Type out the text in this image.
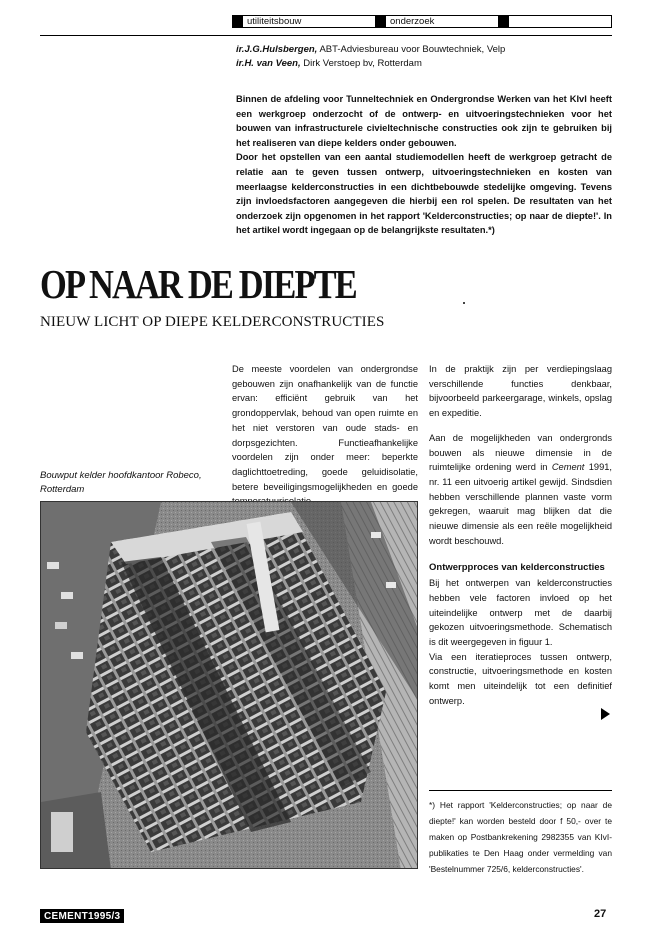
utiliteitsbouw	onderzoek
ir.J.G.Hulsbergen, ABT-Adviesbureau voor Bouwtechniek, Velp
ir.H. van Veen, Dirk Verstoep bv, Rotterdam

Binnen de afdeling voor Tunneltechniek en Ondergrondse Werken van het KIvI heeft een werkgroep onderzocht of de ontwerp- en uitvoeringstechnieken voor het bouwen van infrastructurele civieltechnische constructies ook zijn te gebruiken bij het realiseren van diepe kelders onder gebouwen.

Door het opstellen van een aantal studiemodellen heeft de werkgroep getracht de relatie aan te geven tussen ontwerp, uitvoeringstechnieken en kosten van meerlaagse kelderconstructies in een dichtbebouwde stedelijke omgeving. Tevens zijn invloedsfactoren aangegeven die hierbij een rol spelen. De resultaten van het onderzoek zijn opgenomen in het rapport 'Kelderconstructies; op naar de diepte!'. In het artikel wordt ingegaan op de belangrijkste resultaten.*)

OP NAAR DE DIEPTE
NIEUW LICHT OP DIEPE KELDERCONSTRUCTIES
Bouwput kelder hoofdkantoor Robeco, Rotterdam

De meeste voordelen van ondergrondse gebouwen zijn onafhankelijk van de functie ervan: efficiënt gebruik van het grondoppervlak, behoud van open ruimte en het niet verstoren van oude stads- en dorpsgezichten. Functieafhankelijke voordelen zijn onder meer: beperkte daglichttoetreding, goede geluidisolatie, betere beveiligingsmogelijkheden en goede

In de praktijk zijn per verdiepingslaag verschillende functies denkbaar, bijvoorbeeld parkeergarage, winkels, opslag en expeditie.

Aan de mogelijkheden van ondergronds bouwen als nieuwe dimensie in de ruimtelijke ordening werd in Cement 1991, nr. 11 een uitvoerig artikel gewijd. Sindsdien hebben verschillende plannen vaste vorm gekregen, waaruit mag blijken dat die nieuwe dimensie als een reële mogelijkheid wordt beschouwd.

Ontwerpproces van kelderconstructies

Bij het ontwerpen van kelderconstructies hebben vele factoren invloed op het uiteindelijke ontwerp met de daarbij gekozen uitvoeringsmethode. Schematisch is dit weergegeven in figuur 1.

Via een iteratieproces tussen ontwerp, constructie, uitvoeringsmethode en kosten komt men uiteindelijk tot een definitief ontwerp.

*) Het rapport 'Kelderconstructies; op naar de diepte!' kan worden besteld door f 50,- over te maken op Postbankrekening 2982355 van KIvI-publikaties te Den Haag onder vermelding van 'Bestelnummer 725/6, kelderconstructies'.
CEMENT1995/3	27
